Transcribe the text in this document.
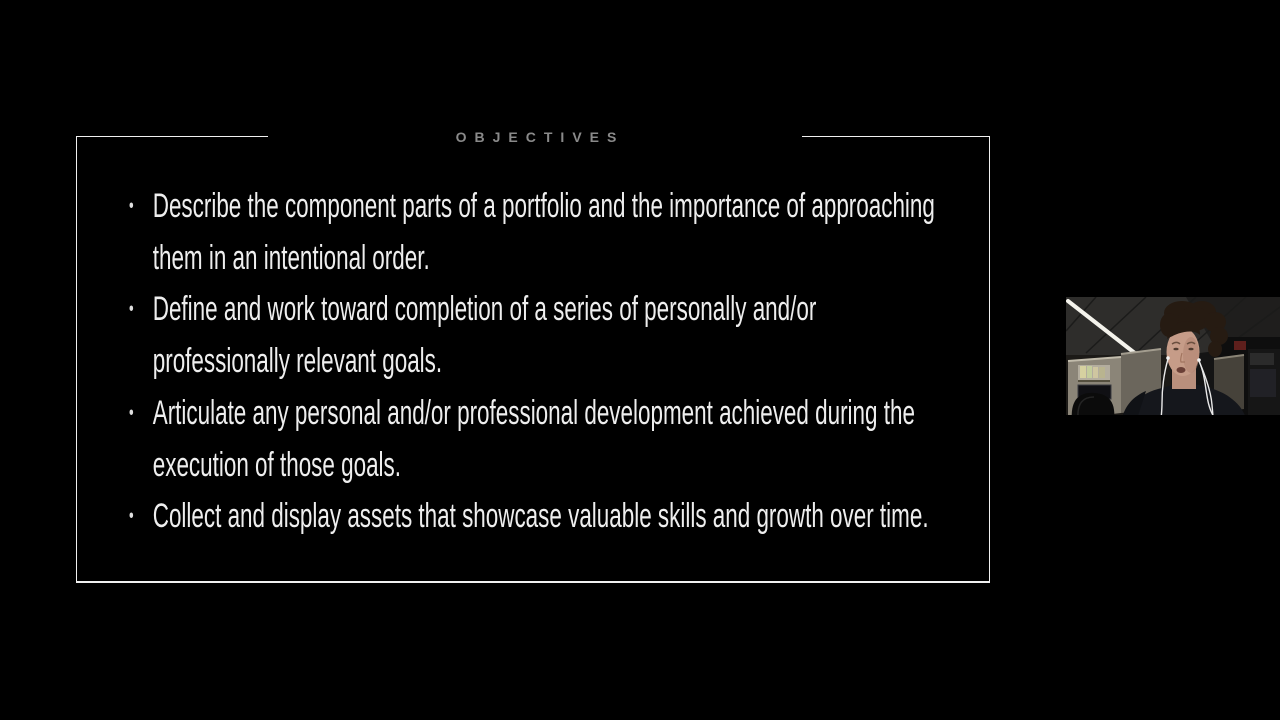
OBJECTIVES
• Describe the component parts of a portfolio and the importance of approaching them in an intentional order.
• Define and work toward completion of a series of personally and/or professionally relevant goals.
• Articulate any personal and/or professional development achieved during the execution of those goals.
• Collect and display assets that showcase valuable skills and growth over time.
